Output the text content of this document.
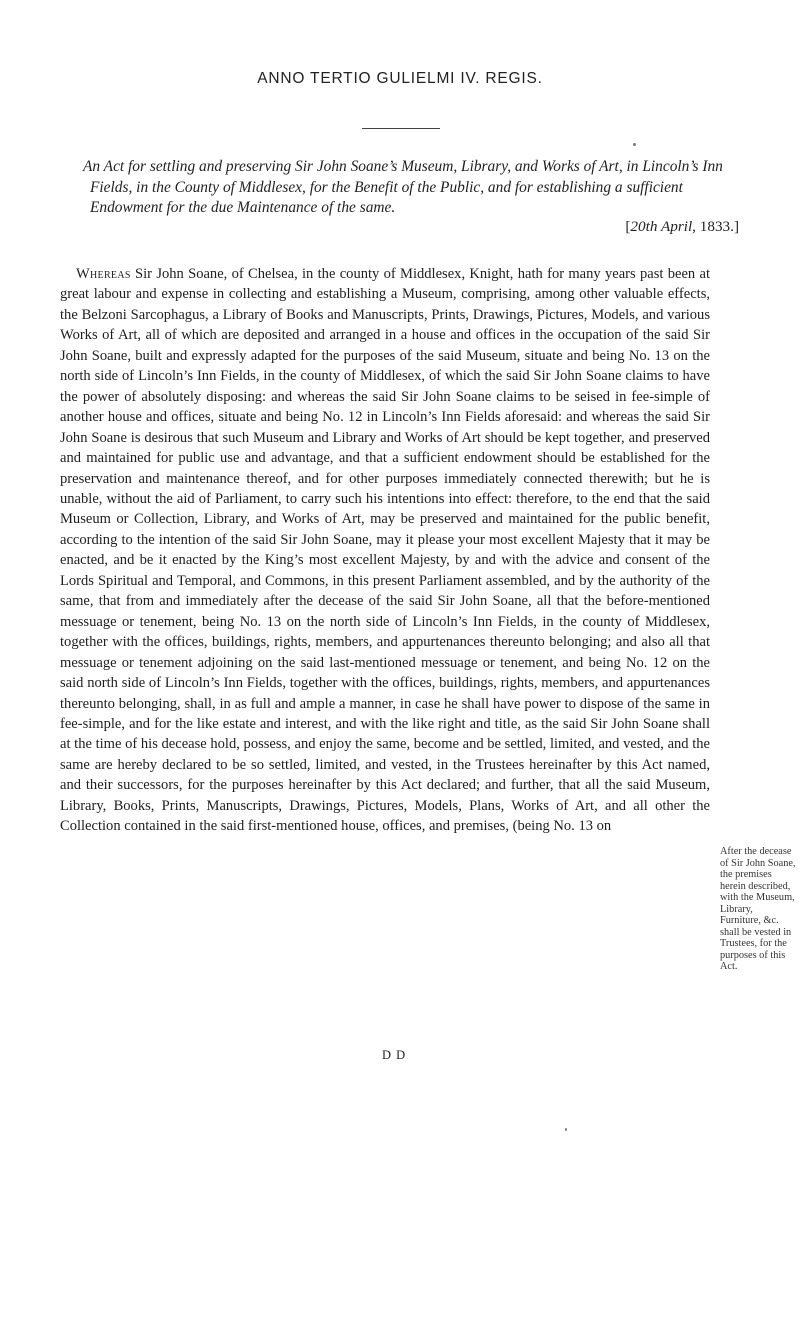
ANNO TERTIO GULIELMI IV. REGIS.
An Act for settling and preserving Sir John Soane’s Museum, Library, and Works of Art, in Lincoln’s Inn Fields, in the County of Middlesex, for the Benefit of the Public, and for establishing a sufficient Endowment for the due Maintenance of the same.
[20th April, 1833.]
Whereas Sir John Soane, of Chelsea, in the county of Middlesex, Knight, hath for many years past been at great labour and expense in collecting and establishing a Museum, comprising, among other valuable effects, the Belzoni Sarcophagus, a Library of Books and Manuscripts, Prints, Drawings, Pictures, Models, and various Works of Art, all of which are deposited and arranged in a house and offices in the occupation of the said Sir John Soane, built and expressly adapted for the purposes of the said Museum, situate and being No. 13 on the north side of Lincoln’s Inn Fields, in the county of Middlesex, of which the said Sir John Soane claims to have the power of absolutely disposing: and whereas the said Sir John Soane claims to be seised in fee-simple of another house and offices, situate and being No. 12 in Lincoln’s Inn Fields aforesaid: and whereas the said Sir John Soane is desirous that such Museum and Library and Works of Art should be kept together, and preserved and maintained for public use and advantage, and that a sufficient endowment should be established for the preservation and maintenance thereof, and for other purposes immediately connected therewith; but he is unable, without the aid of Parliament, to carry such his intentions into effect: therefore, to the end that the said Museum or Collection, Library, and Works of Art, may be preserved and maintained for the public benefit, according to the intention of the said Sir John Soane, may it please your most excellent Majesty that it may be enacted, and be it enacted by the King’s most excellent Majesty, by and with the advice and consent of the Lords Spiritual and Temporal, and Commons, in this present Parliament assembled, and by the authority of the same, that from and immediately after the decease of the said Sir John Soane, all that the before-mentioned messuage or tenement, being No. 13 on the north side of Lincoln’s Inn Fields, in the county of Middlesex, together with the offices, buildings, rights, members, and appurtenances thereunto belonging; and also all that messuage or tenement adjoining on the said last-mentioned messuage or tenement, and being No. 12 on the said north side of Lincoln’s Inn Fields, together with the offices, buildings, rights, members, and appurtenances thereunto belonging, shall, in as full and ample a manner, in case he shall have power to dispose of the same in fee-simple, and for the like estate and interest, and with the like right and title, as the said Sir John Soane shall at the time of his decease hold, possess, and enjoy the same, become and be settled, limited, and vested, and the same are hereby declared to be so settled, limited, and vested, in the Trustees hereinafter by this Act named, and their successors, for the purposes hereinafter by this Act declared; and further, that all the said Museum, Library, Books, Prints, Manuscripts, Drawings, Pictures, Models, Plans, Works of Art, and all other the Collection contained in the said first-mentioned house, offices, and premises, (being No. 13 on
After the decease of Sir John Soane, the premises herein described, with the Museum, Library, Furniture, &c. shall be vested in Trustees, for the purposes of this Act.
D D
